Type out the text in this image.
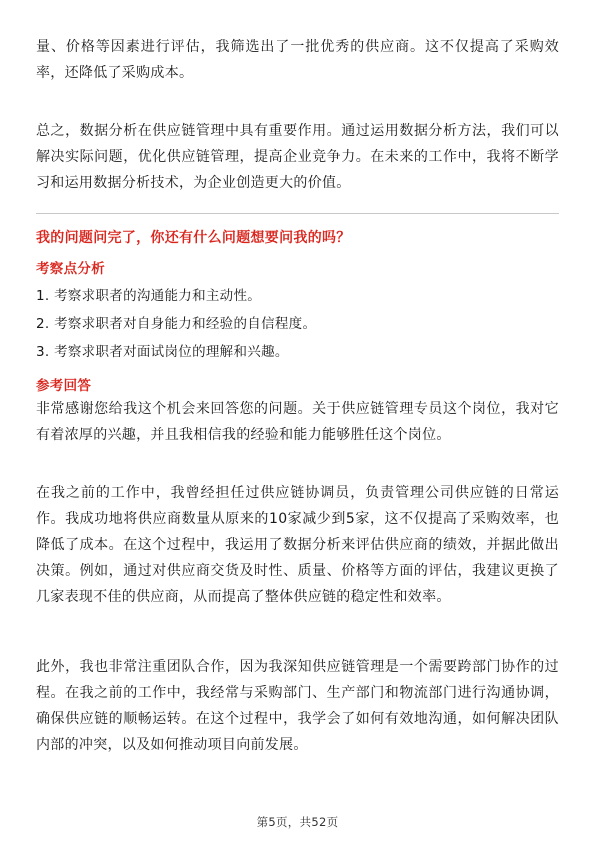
量、价格等因素进行评估，我筛选出了一批优秀的供应商。这不仅提高了采购效率，还降低了采购成本。

总之，数据分析在供应链管理中具有重要作用。通过运用数据分析方法，我们可以解决实际问题，优化供应链管理，提高企业竞争力。在未来的工作中，我将不断学习和运用数据分析技术，为企业创造更大的价值。

我的问题问完了，你还有什么问题想要问我的吗？

考察点分析

1. 考察求职者的沟通能力和主动性。

2. 考察求职者对自身能力和经验的自信程度。

3. 考察求职者对面试岗位的理解和兴趣。

参考回答

非常感谢您给我这个机会来回答您的问题。关于供应链管理专员这个岗位，我对它有着浓厚的兴趣，并且我相信我的经验和能力能够胜任这个岗位。

在我之前的工作中，我曾经担任过供应链协调员，负责管理公司供应链的日常运作。我成功地将供应商数量从原来的10家减少到5家，这不仅提高了采购效率，也降低了成本。在这个过程中，我运用了数据分析来评估供应商的绩效，并据此做出决策。例如，通过对供应商交货及时性、质量、价格等方面的评估，我建议更换了几家表现不佳的供应商，从而提高了整体供应链的稳定性和效率。

此外，我也非常注重团队合作，因为我深知供应链管理是一个需要跨部门协作的过程。在我之前的工作中，我经常与采购部门、生产部门和物流部门进行沟通协调，确保供应链的顺畅运转。在这个过程中，我学会了如何有效地沟通，如何解决团队内部的冲突，以及如何推动项目向前发展。

第5页，共52页
